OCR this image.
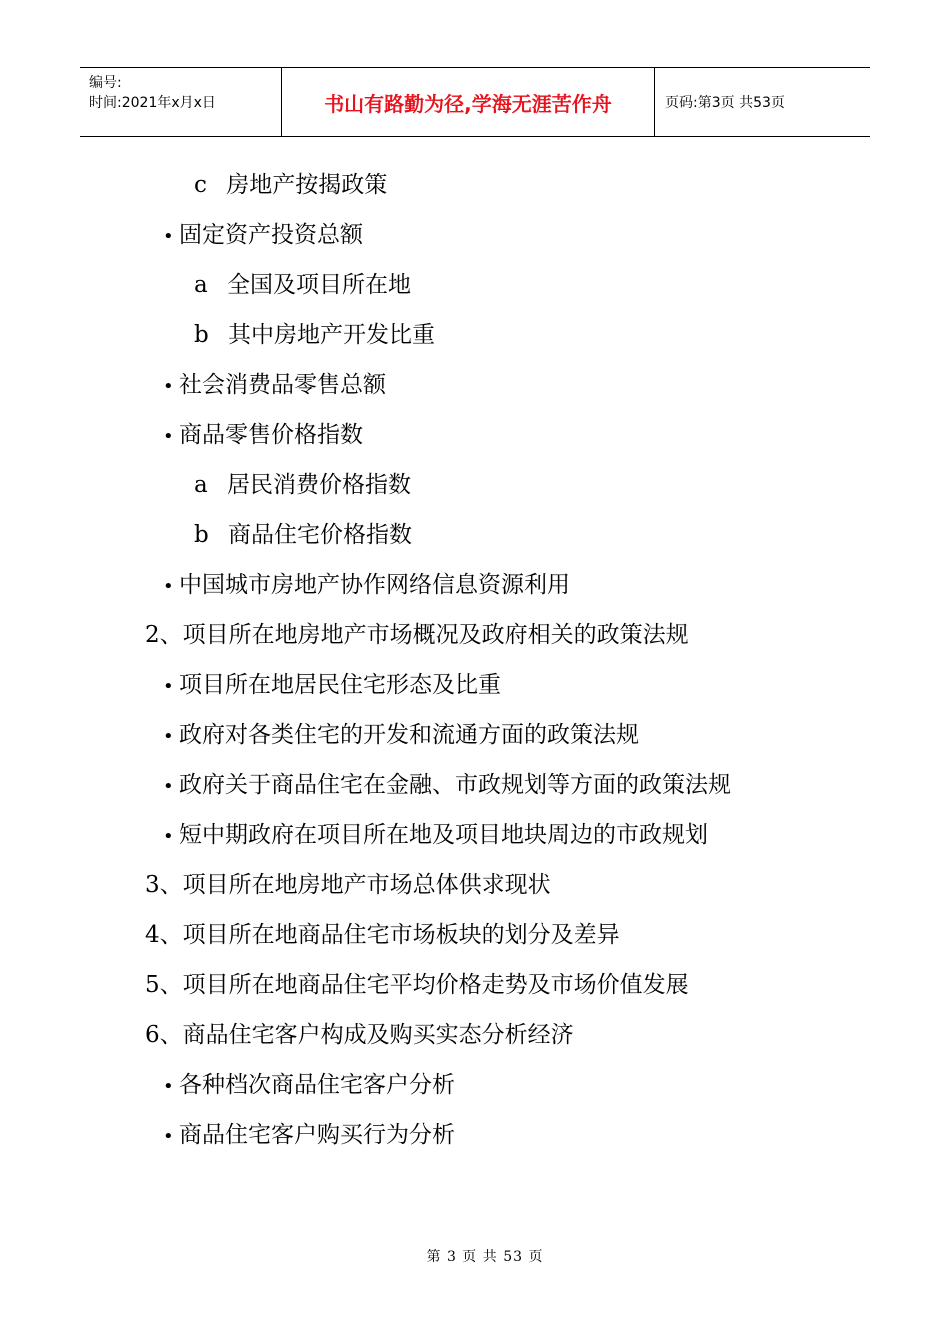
编号:
时间:2021年x月x日	书山有路勤为径,学海无涯苦作舟	页码:第3页 共53页
c 房地产按揭政策
• 固定资产投资总额
a 全国及项目所在地
b 其中房地产开发比重
• 社会消费品零售总额
• 商品零售价格指数
a 居民消费价格指数
b 商品住宅价格指数
• 中国城市房地产协作网络信息资源利用
2、项目所在地房地产市场概况及政府相关的政策法规
• 项目所在地居民住宅形态及比重
• 政府对各类住宅的开发和流通方面的政策法规
• 政府关于商品住宅在金融、市政规划等方面的政策法规
• 短中期政府在项目所在地及项目地块周边的市政规划
3、项目所在地房地产市场总体供求现状
4、项目所在地商品住宅市场板块的划分及差异
5、项目所在地商品住宅平均价格走势及市场价值发展
6、商品住宅客户构成及购买实态分析经济
• 各种档次商品住宅客户分析
• 商品住宅客户购买行为分析
第 3 页 共 53 页
